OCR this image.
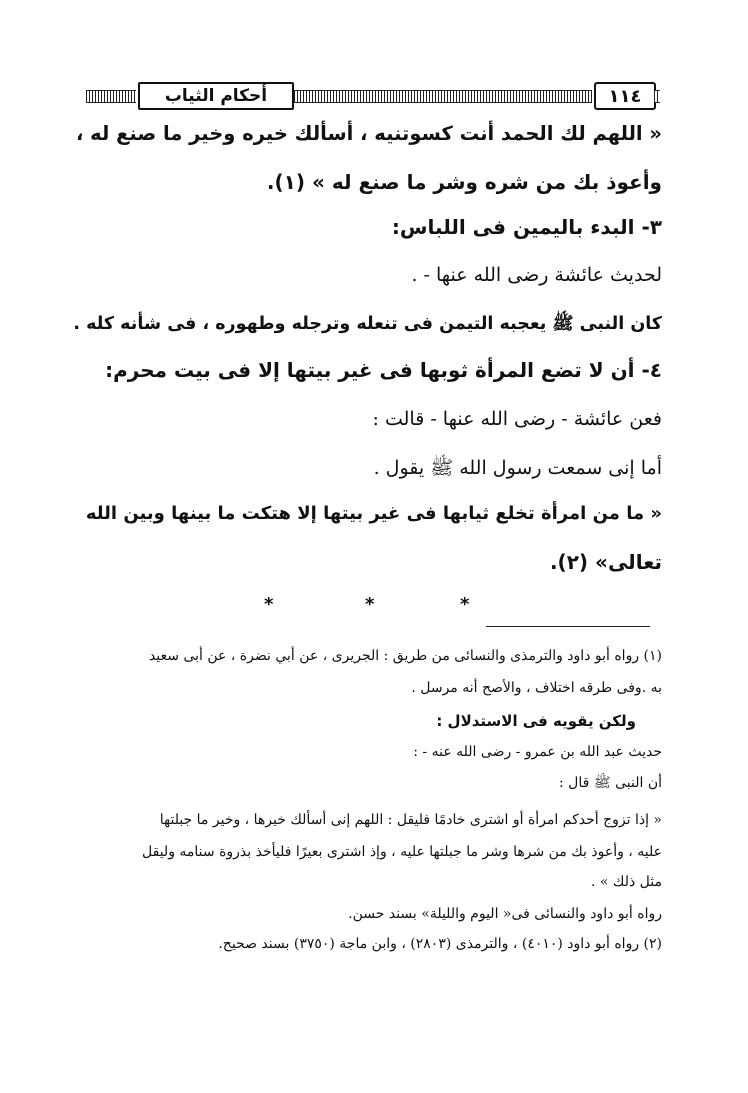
أحكام الثياب	١١٤
« اللهم لك الحمد أنت كسوتنيه ، أسألك خيره وخير ما صنع له ،
وأعوذ بك من شره وشر ما صنع له » (١).
٣- البدء باليمين فى اللباس:
لحديث عائشة رضى الله عنها - .
كان النبى ﷺ يعجبه التيمن فى تنعله وترجله وطهوره ، فى شأنه كله .
٤- أن لا تضع المرأة ثوبها فى غير بيتها إلا فى بيت محرم:
فعن عائشة - رضى الله عنها - قالت :
أما إنى سمعت رسول الله ﷺ يقول .
« ما من امرأة تخلع ثيابها فى غير بيتها إلا هتكت ما بينها وبين الله
تعالى» (٢).
*	*	*
(١) رواه أبو داود والترمذى والنسائى من طريق : الجريرى ، عن أبي نضرة ، عن أبى سعيد
به .وفى طرقه اختلاف ، والأصح أنه مرسل .
ولكن يقويه فى الاستدلال :
حديث عبد الله بن عمرو - رضى الله عنه - :
أن النبى ﷺ قال :
« إذا تزوج أحدكم امرأة أو اشترى خادمًا فليقل : اللهم إنى أسألك خيرها ، وخير ما جبلتها
عليه ، وأعوذ بك من شرها وشر ما جبلتها عليه ، وإذ اشترى بعيرًا فليأخذ بذروة سنامه وليقل
مثل ذلك » .
رواه أبو داود والنسائى فى« اليوم والليلة» بسند حسن.
(٢) رواه أبو داود (٤٠١٠) ، والترمذى (٢٨٠٣) ، وابن ماجة (٣٧٥٠) بسند صحيح.
